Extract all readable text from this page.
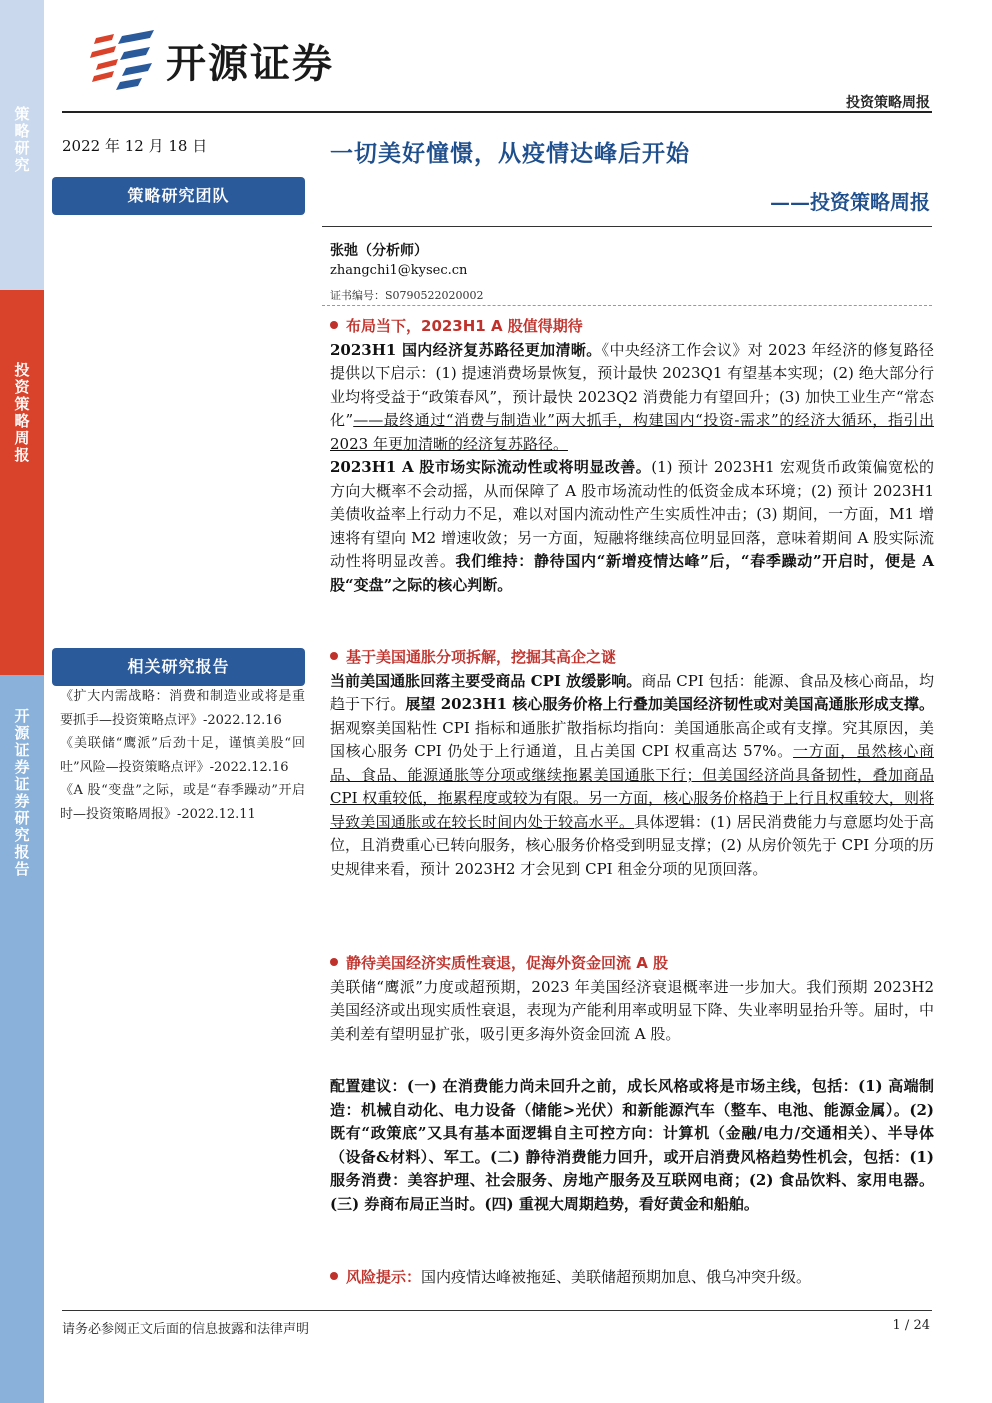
策
略
研
究
投
资
策
略
周
报
开
源
证
券
证
券
研
究
报
告
开源证券
投资策略周报
2022 年 12 月 18 日
策略研究团队
相关研究报告
《扩大内需战略：消费和制造业或将是重要抓手—投资策略点评》-2022.12.16
《美联储“鹰派”后劲十足，谨慎美股“回吐”风险—投资策略点评》-2022.12.16
《A 股“变盘”之际，或是“春季躁动”开启时—投资策略周报》-2022.12.11
一切美好憧憬，从疫情达峰后开始
——投资策略周报
张弛（分析师）
zhangchi1@kysec.cn
证书编号：S0790522020002
布局当下，2023H1 A 股值得期待

2023H1 国内经济复苏路径更加清晰。《中央经济工作会议》对 2023 年经济的修复路径提供以下启示：(1) 提速消费场景恢复，预计最快 2023Q1 有望基本实现；(2) 绝大部分行业均将受益于“政策春风”，预计最快 2023Q2 消费能力有望回升；(3) 加快工业生产“常态化”——最终通过“消费与制造业”两大抓手，构建国内“投资-需求”的经济大循环，指引出 2023 年更加清晰的经济复苏路径。

2023H1 A 股市场实际流动性或将明显改善。(1) 预计 2023H1 宏观货币政策偏宽松的方向大概率不会动摇，从而保障了 A 股市场流动性的低资金成本环境；(2) 预计 2023H1 美债收益率上行动力不足，难以对国内流动性产生实质性冲击；(3) 期间，一方面，M1 增速将有望向 M2 增速收敛；另一方面，短融将继续高位明显回落，意味着期间 A 股实际流动性将明显改善。我们维持：静待国内“新增疫情达峰”后，“春季躁动”开启时，便是 A 股“变盘”之际的核心判断。

基于美国通胀分项拆解，挖掘其高企之谜

当前美国通胀回落主要受商品 CPI 放缓影响。商品 CPI 包括：能源、食品及核心商品，均趋于下行。展望 2023H1 核心服务价格上行叠加美国经济韧性或对美国高通胀形成支撑。据观察美国粘性 CPI 指标和通胀扩散指标均指向：美国通胀高企或有支撑。究其原因，美国核心服务 CPI 仍处于上行通道，且占美国 CPI 权重高达 57%。一方面，虽然核心商品、食品、能源通胀等分项或继续拖累美国通胀下行；但美国经济尚具备韧性，叠加商品 CPI 权重较低，拖累程度或较为有限。另一方面，核心服务价格趋于上行且权重较大，则将导致美国通胀或在较长时间内处于较高水平。具体逻辑：(1) 居民消费能力与意愿均处于高位，且消费重心已转向服务，核心服务价格受到明显支撑；(2) 从房价领先于 CPI 分项的历史规律来看，预计 2023H2 才会见到 CPI 租金分项的见顶回落。

静待美国经济实质性衰退，促海外资金回流 A 股

美联储“鹰派”力度或超预期，2023 年美国经济衰退概率进一步加大。我们预期 2023H2 美国经济或出现实质性衰退，表现为产能利用率或明显下降、失业率明显抬升等。届时，中美利差有望明显扩张，吸引更多海外资金回流 A 股。

配置建议：(一) 在消费能力尚未回升之前，成长风格或将是市场主线，包括：(1) 高端制造：机械自动化、电力设备（储能>光伏）和新能源汽车（整车、电池、能源金属）。(2) 既有“政策底”又具有基本面逻辑自主可控方向：计算机（金融/电力/交通相关）、半导体（设备&材料）、军工。(二) 静待消费能力回升，或开启消费风格趋势性机会，包括：(1) 服务消费：美容护理、社会服务、房地产服务及互联网电商；(2) 食品饮料、家用电器。(三) 券商布局正当时。(四) 重视大周期趋势，看好黄金和船舶。

风险提示：国内疫情达峰被拖延、美联储超预期加息、俄乌冲突升级。

请务必参阅正文后面的信息披露和法律声明	1 / 24
